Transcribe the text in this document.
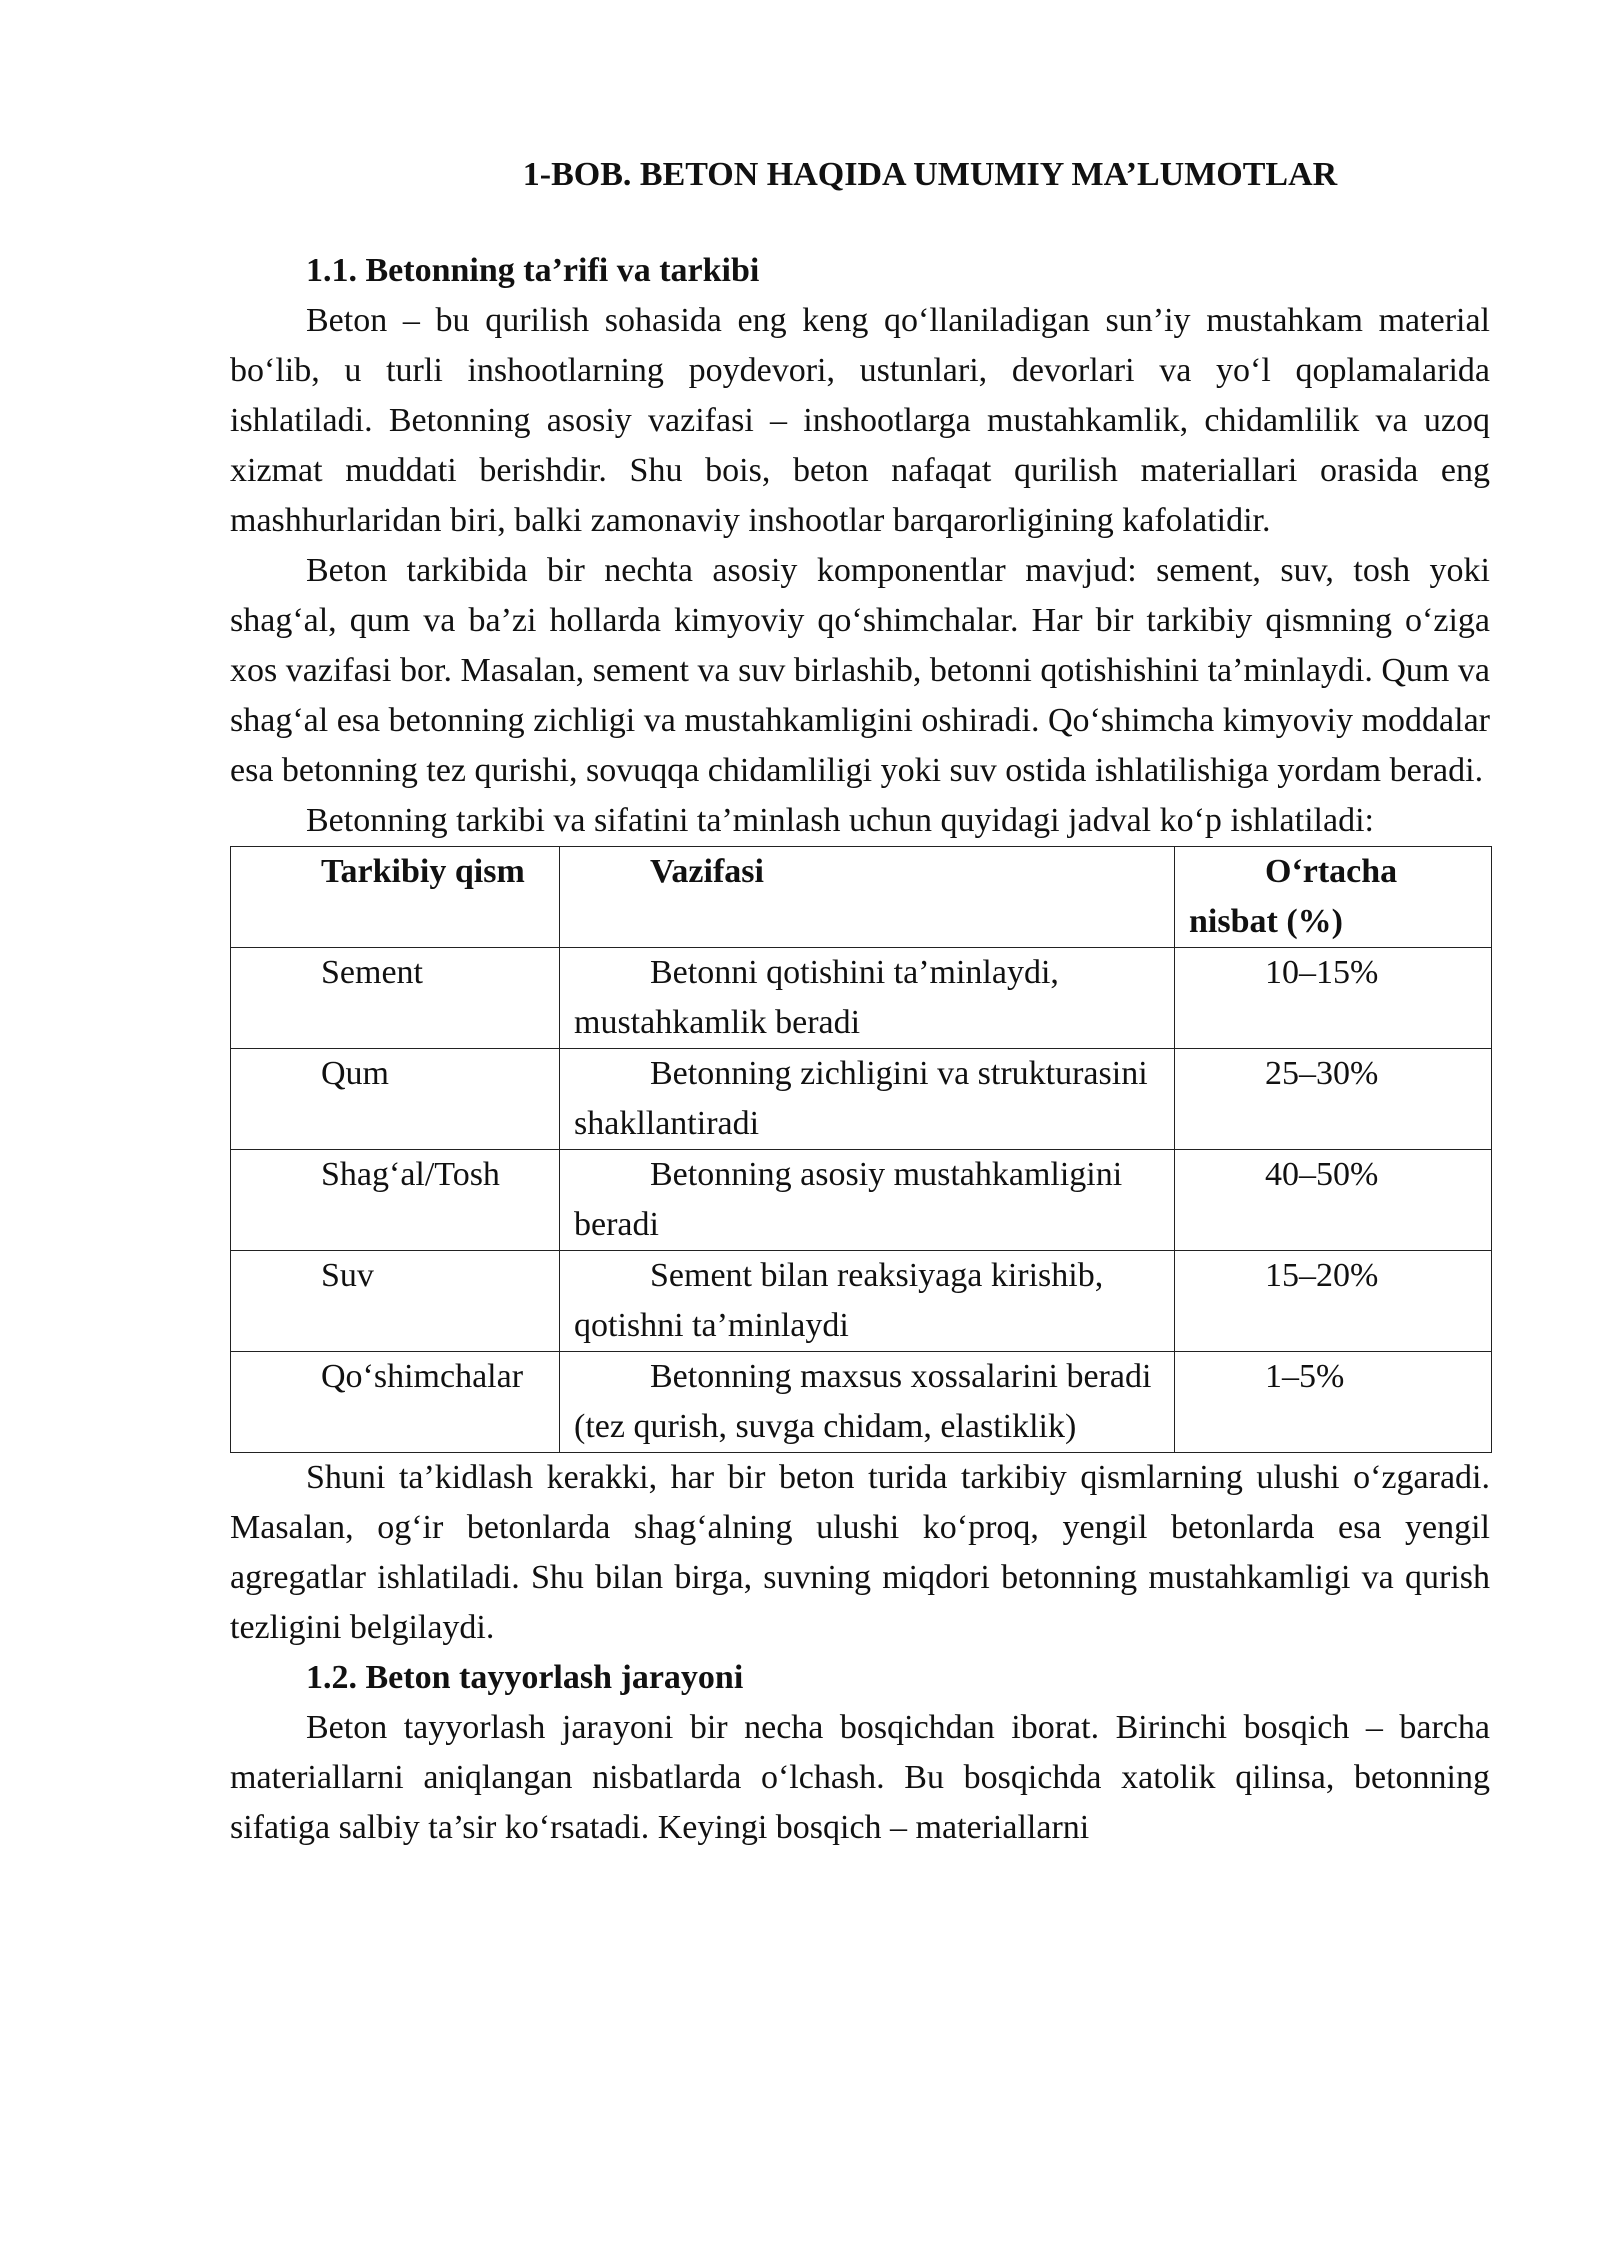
1-BOB. BETON HAQIDA UMUMIY MA’LUMOTLAR
1.1. Betonning ta’rifi va tarkibi

Beton – bu qurilish sohasida eng keng qo‘llaniladigan sun’iy mustahkam material bo‘lib, u turli inshootlarning poydevori, ustunlari, devorlari va yo‘l qoplamalarida ishlatiladi. Betonning asosiy vazifasi – inshootlarga mustahkamlik, chidamlilik va uzoq xizmat muddati berishdir. Shu bois, beton nafaqat qurilish materiallari orasida eng mashhurlaridan biri, balki zamonaviy inshootlar barqarorligining kafolatidir.

Beton tarkibida bir nechta asosiy komponentlar mavjud: sement, suv, tosh yoki shag‘al, qum va ba’zi hollarda kimyoviy qo‘shimchalar. Har bir tarkibiy qismning o‘ziga xos vazifasi bor. Masalan, sement va suv birlashib, betonni qotishishini ta’minlaydi. Qum va shag‘al esa betonning zichligi va mustahkamligini oshiradi. Qo‘shimcha kimyoviy moddalar esa betonning tez qurishi, sovuqqa chidamliligi yoki suv ostida ishlatilishiga yordam beradi.

Betonning tarkibi va sifatini ta’minlash uchun quyidagi jadval ko‘p ishlatiladi:

Tarkibiy qism	Vazifasi	O‘rtacha nisbat (%)
Sement	Betonni qotishini ta’minlaydi, mustahkamlik beradi	10–15%
Qum	Betonning zichligini va strukturasini shakllantiradi	25–30%
Shag‘al/Tosh	Betonning asosiy mustahkamligini beradi	40–50%
Suv	Sement bilan reaksiyaga kirishib, qotishni ta’minlaydi	15–20%
Qo‘shimchalar	Betonning maxsus xossalarini beradi (tez qurish, suvga chidam, elastiklik)	1–5%

Shuni ta’kidlash kerakki, har bir beton turida tarkibiy qismlarning ulushi o‘zgaradi. Masalan, og‘ir betonlarda shag‘alning ulushi ko‘proq, yengil betonlarda esa yengil agregatlar ishlatiladi. Shu bilan birga, suvning miqdori betonning mustahkamligi va qurish tezligini belgilaydi.

1.2. Beton tayyorlash jarayoni

Beton tayyorlash jarayoni bir necha bosqichdan iborat. Birinchi bosqich – barcha materiallarni aniqlangan nisbatlarda o‘lchash. Bu bosqichda xatolik qilinsa, betonning sifatiga salbiy ta’sir ko‘rsatadi. Keyingi bosqich – materiallarni
